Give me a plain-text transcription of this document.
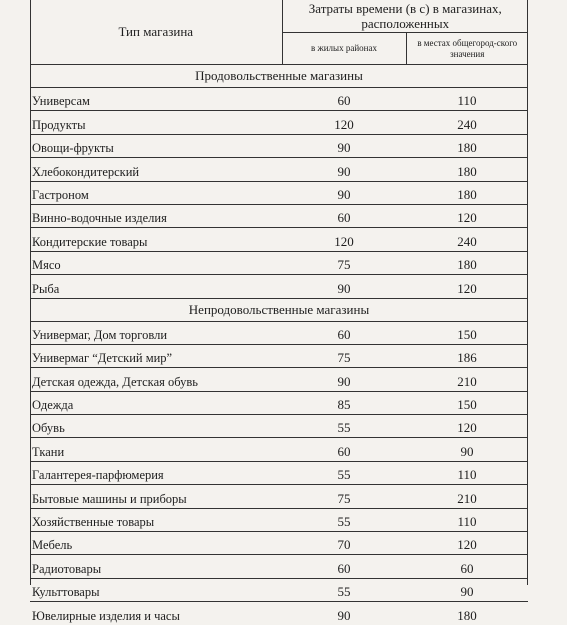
Тип магазина	Затраты времени (в с) в магазинах, расположенных	
	в жилых районах	в местах общегород-ского значения
Продовольственные магазины		
Универсам	60	110
Продукты	120	240
Овощи-фрукты	90	180
Хлебокондитерский	90	180
Гастроном	90	180
Винно-водочные изделия	60	120
Кондитерские товары	120	240
Мясо	75	180
Рыба	90	120
Непродовольственные магазины		
Универмаг, Дом торговли	60	150
Универмаг “Детский мир”	75	186
Детская одежда, Детская обувь	90	210
Одежда	85	150
Обувь	55	120
Ткани	60	90
Галантерея-парфюмерия	55	110
Бытовые машины и приборы	75	210
Хозяйственные товары	55	110
Мебель	70	120
Радиотовары	60	60
Культтовары	55	90
Ювелирные изделия и часы	90	180
